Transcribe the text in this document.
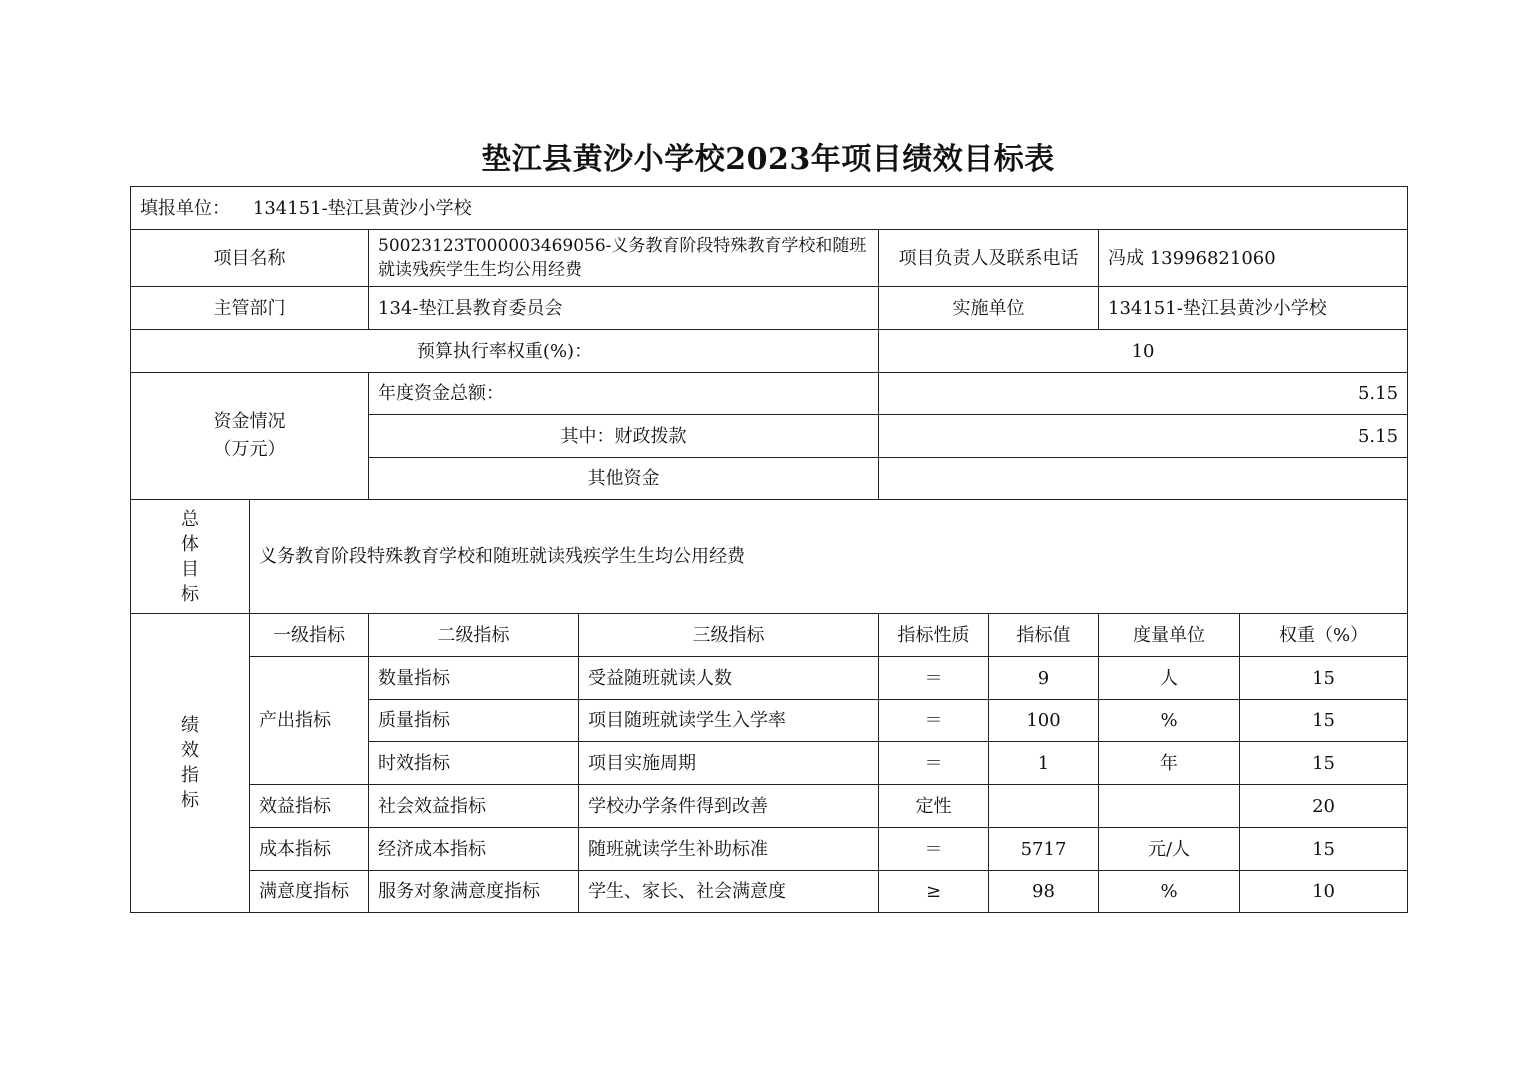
垫江县黄沙小学校2023年项目绩效目标表
填报单位： 134151-垫江县黄沙小学校							
项目名称		50023123T000003469056-义务教育阶段特殊教育学校和随班就读残疾学生生均公用经费		项目负责人及联系电话		冯成 13996821060	
主管部门		134-垫江县教育委员会		实施单位		134151-垫江县黄沙小学校	
预算执行率权重(%)：				10			

资金情况
（万元）		年度资金总额：		5.15			
		其中：财政拨款		5.15			
		其他资金					

总
体
目
标	义务教育阶段特殊教育学校和随班就读残疾学生生均公用经费						

绩
效
指
标	一级指标	二级指标	三级指标	指标性质	指标值	度量单位	权重（%）
	产出指标	数量指标	受益随班就读人数	＝	9	人	15
		质量指标	项目随班就读学生入学率	＝	100	%	15
		时效指标	项目实施周期	＝	1	年	15
	效益指标	社会效益指标	学校办学条件得到改善	定性			20
	成本指标	经济成本指标	随班就读学生补助标准	＝	5717	元/人	15
	满意度指标	服务对象满意度指标	学生、家长、社会满意度	≥	98	%	10
